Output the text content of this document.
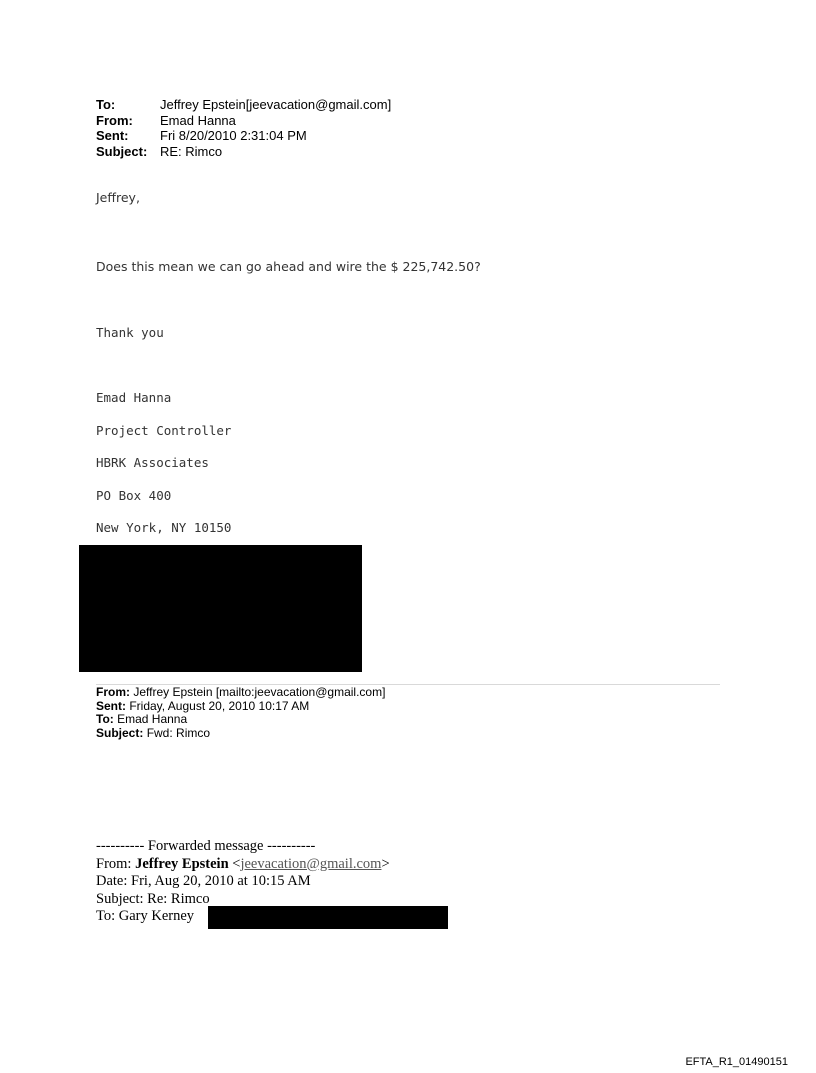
To:	Jeffrey Epstein[jeevacation@gmail.com]
From:	Emad Hanna
Sent:	Fri 8/20/2010 2:31:04 PM
Subject: RE: Rimco
Jeffrey,
Does this mean we can go ahead and wire the $ 225,742.50?
Thank you
Emad Hanna
Project Controller
HBRK Associates
PO Box 400
New York, NY 10150
From: Jeffrey Epstein [mailto:jeevacation@gmail.com]
Sent: Friday, August 20, 2010 10:17 AM
To: Emad Hanna
Subject: Fwd: Rimco
---------- Forwarded message ----------
From: Jeffrey Epstein <jeevacation@gmail.com>
Date: Fri, Aug 20, 2010 at 10:15 AM
Subject: Re: Rimco
To: Gary Kerney
EFTA_R1_01490151
